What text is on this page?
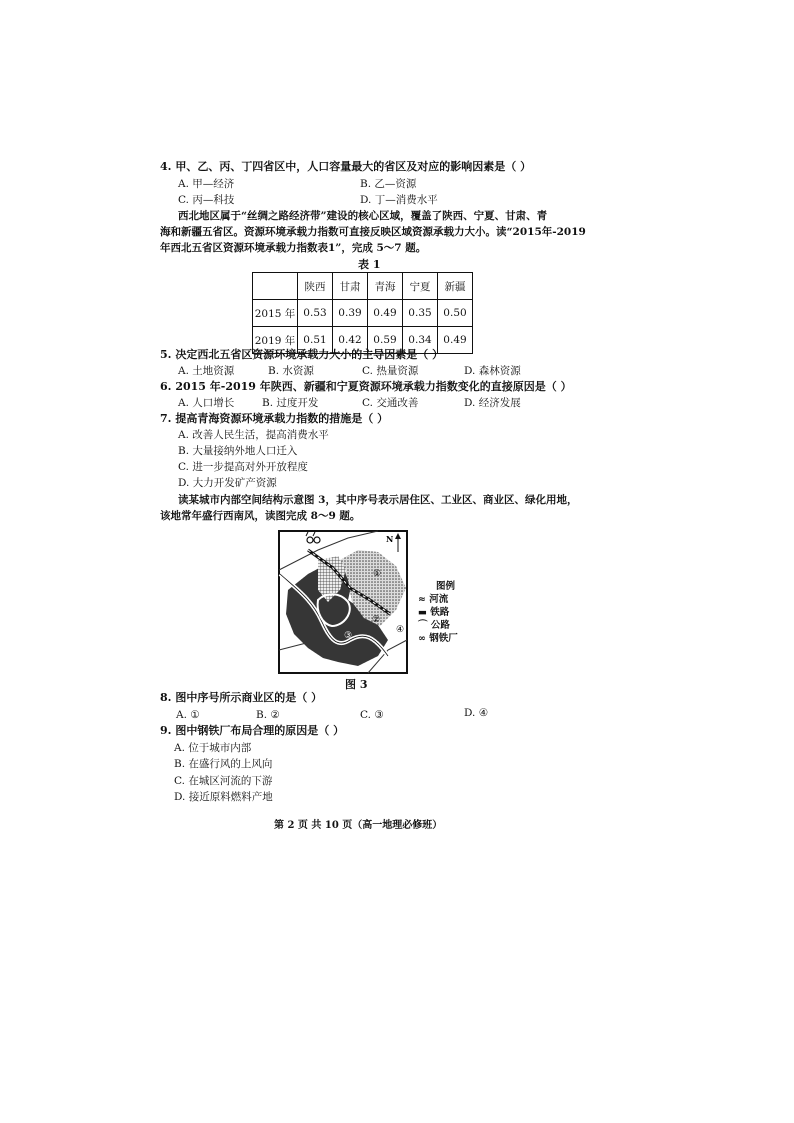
4. 甲、乙、丙、丁四省区中，人口容量最大的省区及对应的影响因素是（ ）
A. 甲—经济	B. 乙—资源
C. 丙—科技	D. 丁—消费水平
西北地区属于“丝绸之路经济带”建设的核心区域，覆盖了陕西、宁夏、甘肃、青
海和新疆五省区。资源环境承载力指数可直接反映区域资源承载力大小。读“2015年-2019
年西北五省区资源环境承载力指数表1”，完成 5～7 题。
表 1
	陕西	甘肃	青海	宁夏	新疆
2015 年	0.53	0.39	0.49	0.35	0.50
2019 年	0.51	0.42	0.59	0.34	0.49
5. 决定西北五省区资源环境承载力大小的主导因素是（ ）
A. 土地资源	B. 水资源	C. 热量资源	D. 森林资源
6. 2015 年-2019 年陕西、新疆和宁夏资源环境承载力指数变化的直接原因是（ ）
A. 人口增长	B. 过度开发	C. 交通改善	D. 经济发展
7. 提高青海资源环境承载力指数的措施是（ ）
A. 改善人民生活，提高消费水平
B. 大量接纳外地人口迁入
C. 进一步提高对外开放程度
D. 大力开发矿产资源
读某城市内部空间结构示意图 3，其中序号表示居住区、工业区、商业区、绿化用地，
该地常年盛行西南风，读图完成 8～9 题。
①
②
③
④
N
图例
≈ 河流
▬ 铁路
⌒ 公路
∞ 钢铁厂
图 3
8. 图中序号所示商业区的是（ ）
A. ①	B. ②	C. ③	D. ④
9. 图中钢铁厂布局合理的原因是（ ）
A. 位于城市内部
B. 在盛行风的上风向
C. 在城区河流的下游
D. 接近原料燃料产地
第 2 页 共 10 页（高一地理必修班）
